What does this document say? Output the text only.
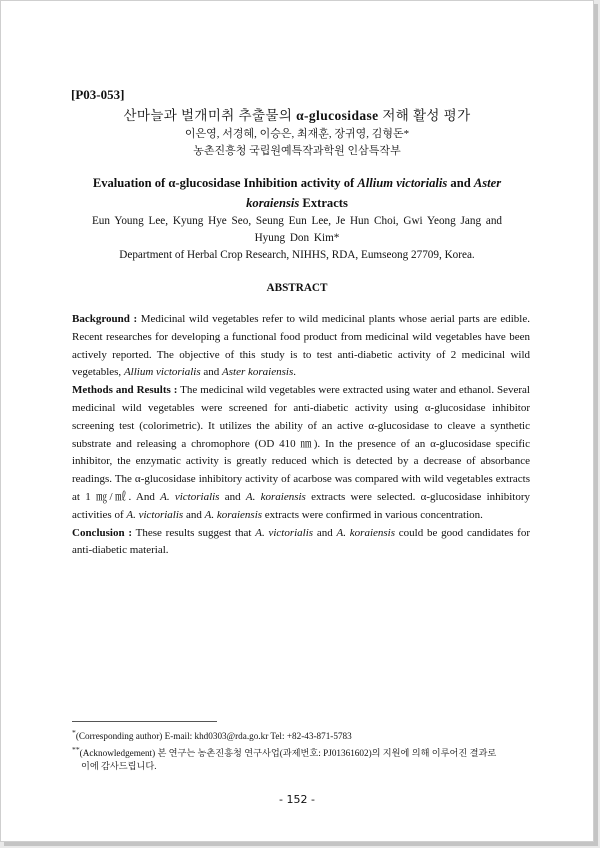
[P03-053]
산마늘과 벌개미취 추출물의 α-glucosidase 저해 활성 평가
이은영, 서경혜, 이승은, 최재훈, 장귀영, 김형돈*
농촌진흥청 국립원예특작과학원 인삼특작부
Evaluation of α-glucosidase Inhibition activity of Allium victorialis and Aster
koraiensis Extracts
Eun Young Lee, Kyung Hye Seo, Seung Eun Lee, Je Hun Choi, Gwi Yeong Jang and Hyung Don Kim*
Department of Herbal Crop Research, NIHHS, RDA, Eumseong 27709, Korea.
ABSTRACT

Background : Medicinal wild vegetables refer to wild medicinal plants whose aerial parts are edible. Recent researches for developing a functional food product from medicinal wild vegetables have been actively reported. The objective of this study is to test anti-diabetic activity of 2 medicinal wild vegetables, Allium victorialis and Aster koraiensis.

Methods and Results : The medicinal wild vegetables were extracted using water and ethanol. Several medicinal wild vegetables were screened for anti-diabetic activity using α-glucosidase inhibitor screening test (colorimetric). It utilizes the ability of an active α-glucosidase to cleave a synthetic substrate and releasing a chromophore (OD 410 ㎚). In the presence of an α-glucosidase specific inhibitor, the enzymatic activity is greatly reduced which is detected by a decrease of absorbance readings. The α-glucosidase inhibitory activity of acarbose was compared with wild vegetables extracts at 1 ㎎/㎖. And A. victorialis and A. koraiensis extracts were selected. α-glucosidase inhibitory activities of A. victorialis and A. koraiensis extracts were confirmed in various concentration.

Conclusion : These results suggest that A. victorialis and A. koraiensis could be good candidates for anti-diabetic material.

*(Corresponding author) E-mail: khd0303@rda.go.kr Tel: +82-43-871-5783

**(Acknowledgement) 본 연구는 농촌진흥청 연구사업(과제번호: PJ01361602)의 지원에 의해 이루어진 결과로

이에 감사드립니다.

- 152 -
